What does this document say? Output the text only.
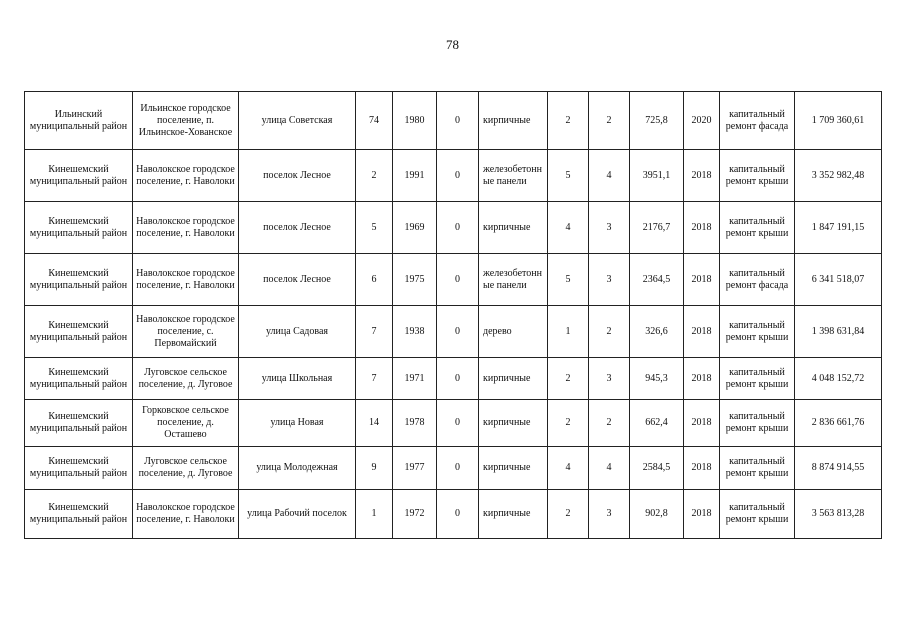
78
Ильинский муниципальный район	Ильинское городское поселение, п. Ильинское-Хованское	улица Советская	74	1980	0	кирпичные	2	2	725,8	2020	капитальный ремонт фасада	1 709 360,61
Кинешемский муниципальный район	Наволокское городское поселение, г. Наволоки	поселок Лесное	2	1991	0	железобетонные панели	5	4	3951,1	2018	капитальный ремонт крыши	3 352 982,48
Кинешемский муниципальный район	Наволокское городское поселение, г. Наволоки	поселок Лесное	5	1969	0	кирпичные	4	3	2176,7	2018	капитальный ремонт крыши	1 847 191,15
Кинешемский муниципальный район	Наволокское городское поселение, г. Наволоки	поселок Лесное	6	1975	0	железобетонные панели	5	3	2364,5	2018	капитальный ремонт фасада	6 341 518,07
Кинешемский муниципальный район	Наволокское городское поселение, с. Первомайский	улица Садовая	7	1938	0	дерево	1	2	326,6	2018	капитальный ремонт крыши	1 398 631,84
Кинешемский муниципальный район	Луговское сельское поселение, д. Луговое	улица Школьная	7	1971	0	кирпичные	2	3	945,3	2018	капитальный ремонт крыши	4 048 152,72
Кинешемский муниципальный район	Горковское сельское поселение, д. Осташево	улица Новая	14	1978	0	кирпичные	2	2	662,4	2018	капитальный ремонт крыши	2 836 661,76
Кинешемский муниципальный район	Луговское сельское поселение, д. Луговое	улица Молодежная	9	1977	0	кирпичные	4	4	2584,5	2018	капитальный ремонт крыши	8 874 914,55
Кинешемский муниципальный район	Наволокское городское поселение, г. Наволоки	улица Рабочий поселок	1	1972	0	кирпичные	2	3	902,8	2018	капитальный ремонт крыши	3 563 813,28
